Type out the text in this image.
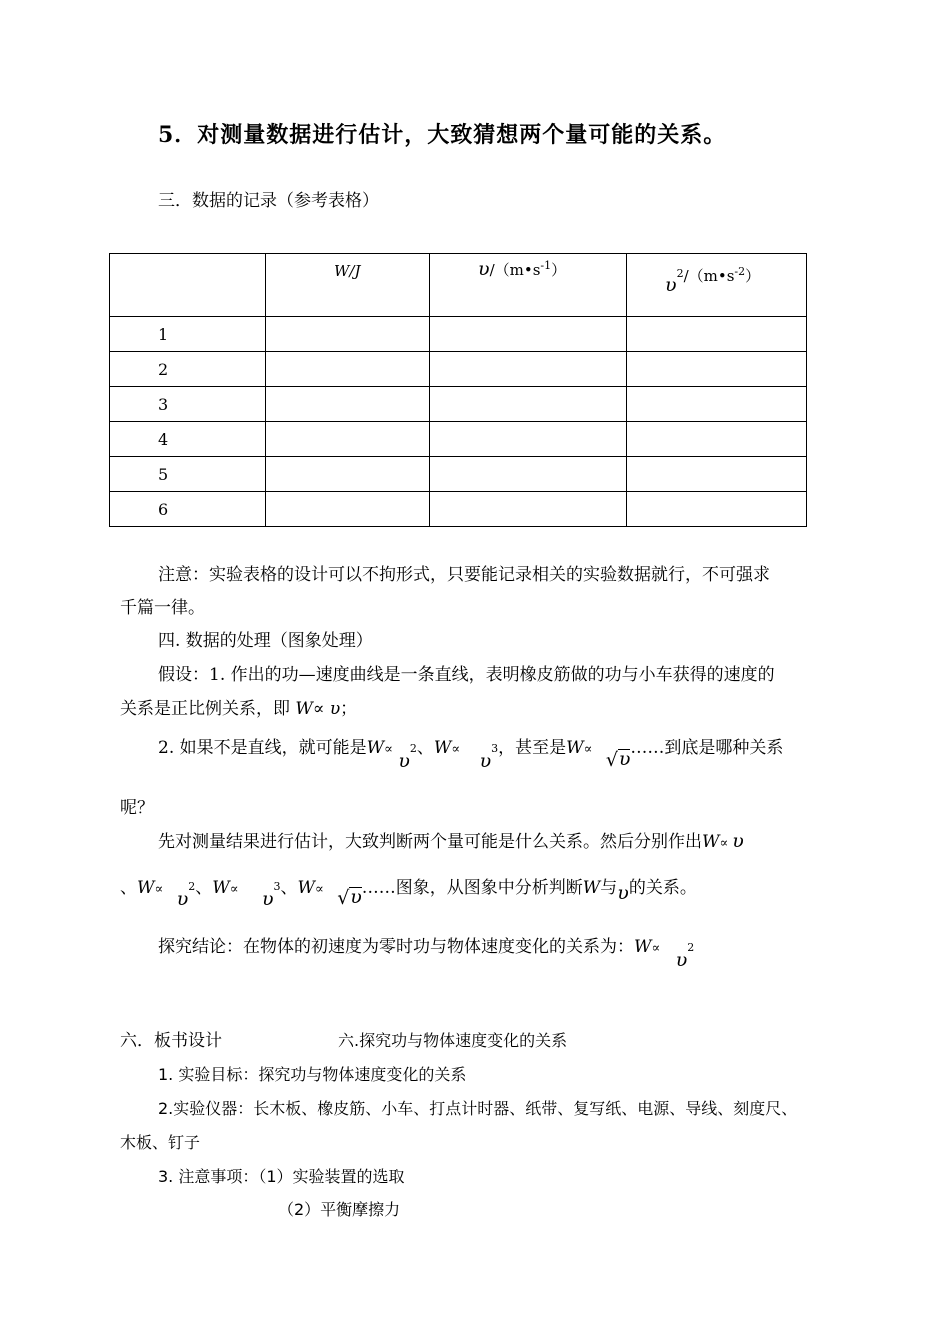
5．对测量数据进行估计，大致猜想两个量可能的关系。
三．数据的记录（参考表格）

	W/J	$\upsilon/(m•s^{-1})$	$\upsilon^2/(m•s^{-2})$

1			
2			
3			
4			
5			
6			
注意：实验表格的设计可以不拘形式，只要能记录相关的实验数据就行，不可强求
千篇一律。
四. 数据的处理（图象处理）
假设：1. 作出的功—速度曲线是一条直线，表明橡皮筋做的功与小车获得的速度的
关系是正比例关系，即 W∝ υ；
2. 如果不是直线，就可能是$W\propto \upsilon^2$、$W\propto \upsilon^3$，甚至是W∝ √ υ……到底是哪种关系
呢？
先对测量结果进行估计，大致判断两个量可能是什么关系。然后分别作出W∝ υ
、$W\propto \upsilon^2$、$W\propto \upsilon^3$、W∝ √ υ……图象，从图象中分析判断W与υ的关系。
探究结论：在物体的初速度为零时功与物体速度变化的关系为：$W\propto \upsilon^2$
六．板书设计	六.探究功与物体速度变化的关系
1. 实验目标：探究功与物体速度变化的关系
2.实验仪器：长木板、橡皮筋、小车、打点计时器、纸带、复写纸、电源、导线、刻度尺、
木板、钉子
3. 注意事项：（1）实验装置的选取
（2）平衡摩擦力
